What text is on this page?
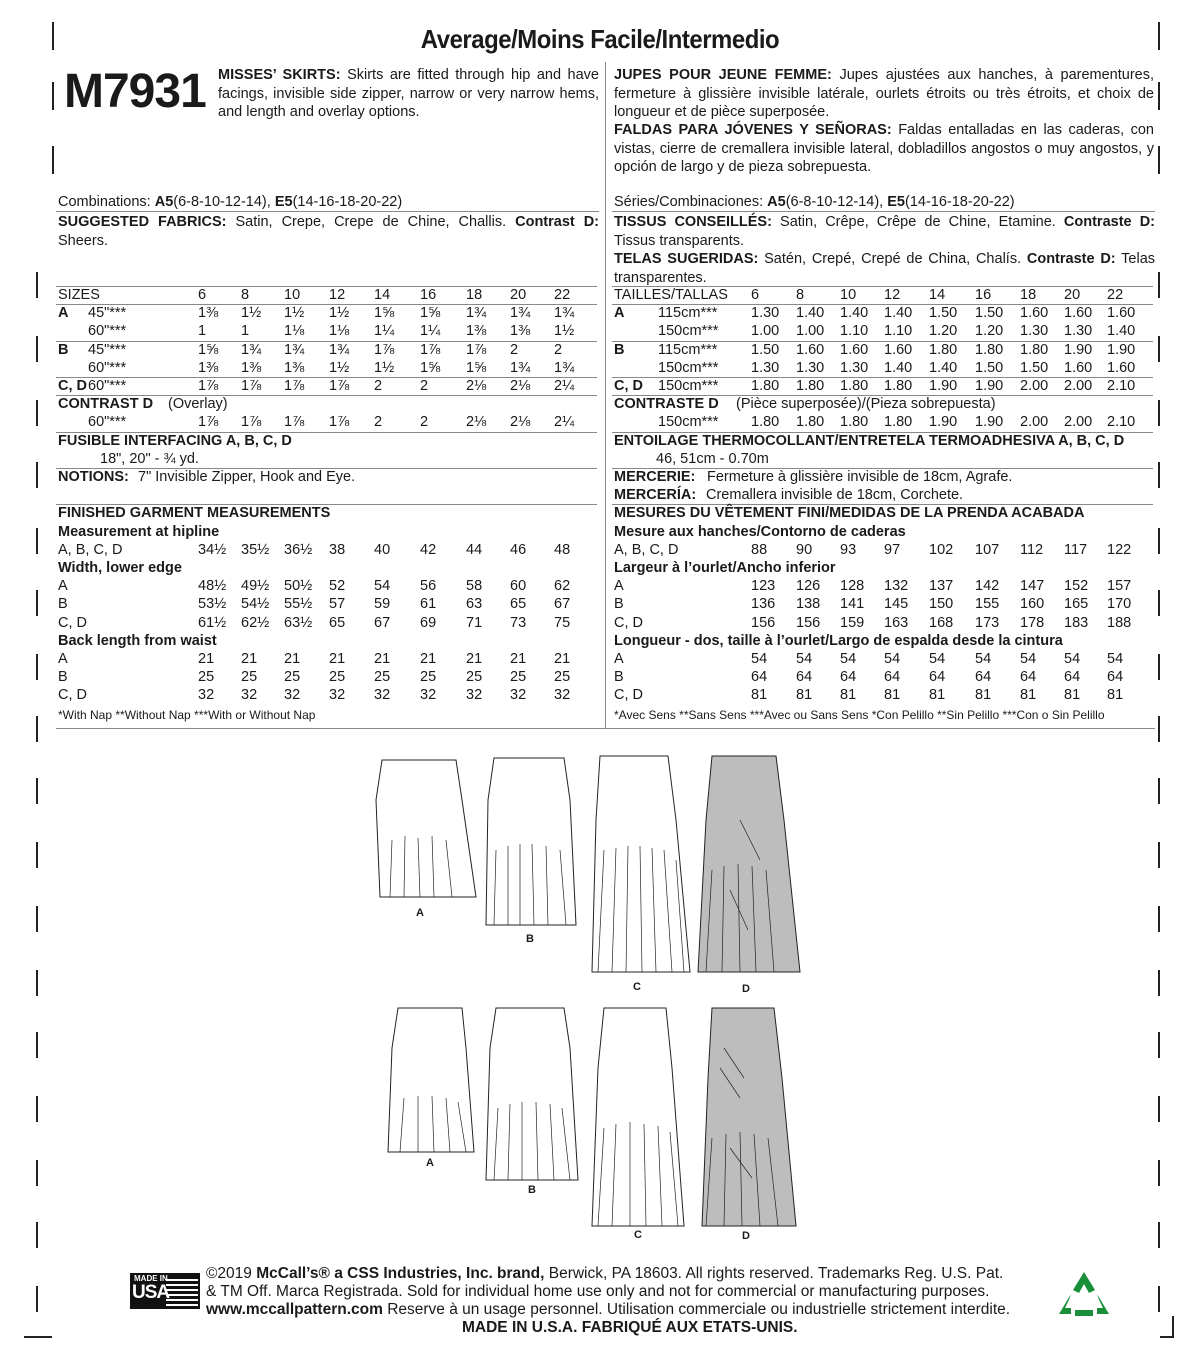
Average/Moins Facile/Intermedio
M7931 MISSES’ SKIRTS: Skirts are fitted through hip and have facings, invisible side zipper, narrow or very narrow hems, and length and overlay options.
JUPES POUR JEUNE FEMME: Jupes ajustées aux hanches, à parementures, fermeture à glissière invisible latérale, ourlets étroits ou très étroits, et choix de longueur et de pièce superposée.
FALDAS PARA JÓVENES Y SEÑORAS: Faldas entalladas en las caderas, con vistas, cierre de cremallera invisible lateral, dobladillos angostos o muy angostos, y opción de largo y de pieza sobrepuesta.
Combinations: A5(6-8-10-12-14), E5(14-16-18-20-22)
SUGGESTED FABRICS: Satin, Crepe, Crepe de Chine, Challis. Contrast D: Sheers.
SIZES	6 8 10 12 14 16 18 20 22
A 45"***	1⅜ 1½ 1½ 1½ 1⅝ 1⅝ 1¾ 1¾ 1¾
60"***	1 1 1⅛ 1⅛ 1¼ 1¼ 1⅜ 1⅜ 1½
B 45"***	1⅝ 1¾ 1¾ 1¾ 1⅞ 1⅞ 1⅞ 2 2
60"***	1⅜ 1⅜ 1⅜ 1½ 1½ 1⅝ 1⅝ 1¾ 1¾
C, D 60"***	1⅞ 1⅞ 1⅞ 1⅞ 2	2	2⅛ 2⅛ 2¼
CONTRAST D (Overlay)
60"***	1⅞ 1⅞ 1⅞ 1⅞ 2	2	2⅛ 2⅛ 2¼
FUSIBLE INTERFACING A, B, C, D
18", 20" - ¾ yd.
NOTIONS: 7" Invisible Zipper, Hook and Eye.
FINISHED GARMENT MEASUREMENTS
Measurement at hipline
A, B, C, D	34½ 35½ 36½ 38 40 42 44 46 48
Width, lower edge
A	48½ 49½ 50½ 52 54 56 58 60 62
B	53½ 54½ 55½ 57 59 61 63 65 67
C, D	61½ 62½ 63½ 65 67 69 71 73 75
Back length from waist
A	21 21 21 21 21 21 21 21 21
B	25 25 25 25 25 25 25 25 25
C, D	32 32 32 32 32 32 32 32 32
*With Nap **Without Nap ***With or Without Nap
Séries/Combinaciones: A5(6-8-10-12-14), E5(14-16-18-20-22)
TISSUS CONSEILLÉS: Satin, Crêpe, Crêpe de Chine, Etamine. Contraste D: Tissus transparents.
TELAS SUGERIDAS: Satén, Crepé, Crepé de China, Chalís. Contraste D: Telas transparentes.
TAILLES/TALLAS 6	8 10 12 14 16 18 20 22
A 115cm*** 1.30 1.40 1.40 1.40 1.50 1.50 1.60 1.60 1.60
150cm*** 1.00 1.00 1.10 1.10 1.20 1.20 1.30 1.30 1.40
B 115cm*** 1.50 1.60 1.60 1.60 1.80 1.80 1.80 1.90 1.90
150cm*** 1.30 1.30 1.30 1.40 1.40 1.50 1.50 1.60 1.60
C, D 150cm*** 1.80 1.80 1.80 1.80 1.90 1.90 2.00 2.00 2.10
CONTRASTE D (Pièce superposée)/(Pieza sobrepuesta)
150cm*** 1.80 1.80 1.80 1.80 1.90 1.90 2.00 2.00 2.10
ENTOILAGE THERMOCOLLANT/ENTRETELA TERMOADHESIVA A, B, C, D
46, 51cm - 0.70m
MERCERIE: Fermeture à glissière invisible de 18cm, Agrafe.
MERCERÍA: Cremallera invisible de 18cm, Corchete.
MESURES DU VÊTEMENT FINI/MEDIDAS DE LA PRENDA ACABADA
Mesure aux hanches/Contorno de caderas
A, B, C, D	88 90 93 97 102 107 112 117 122
Largeur à l’ourlet/Ancho inferior
A	123 126 128 132 137 142 147 152 157
B	136 138 141 145 150 155 160 165 170
C, D	156 156 159 163 168 173 178 183 188
Longueur - dos, taille à l’ourlet/Largo de espalda desde la cintura
A	54 54 54 54 54 54 54 54 54
B	64 64 64 64 64 64 64 64 64
C, D	81 81 81 81 81 81 81 81 81
*Avec Sens **Sans Sens ***Avec ou Sans Sens *Con Pelillo **Sin Pelillo ***Con o Sin Pelillo
A
B
C	D
A
B
C	D
MADE IN
USA
©2019 McCall’s® a CSS Industries, Inc. brand, Berwick, PA 18603. All rights reserved. Trademarks Reg. U.S. Pat.
& TM Off. Marca Registrada. Sold for individual home use only and not for commercial or manufacturing purposes.
www.mccallpattern.com Reserve à un usage personnel. Utilisation commerciale ou industrielle strictement interdite.
MADE IN U.S.A. FABRIQUÉ AUX ETATS-UNIS.
